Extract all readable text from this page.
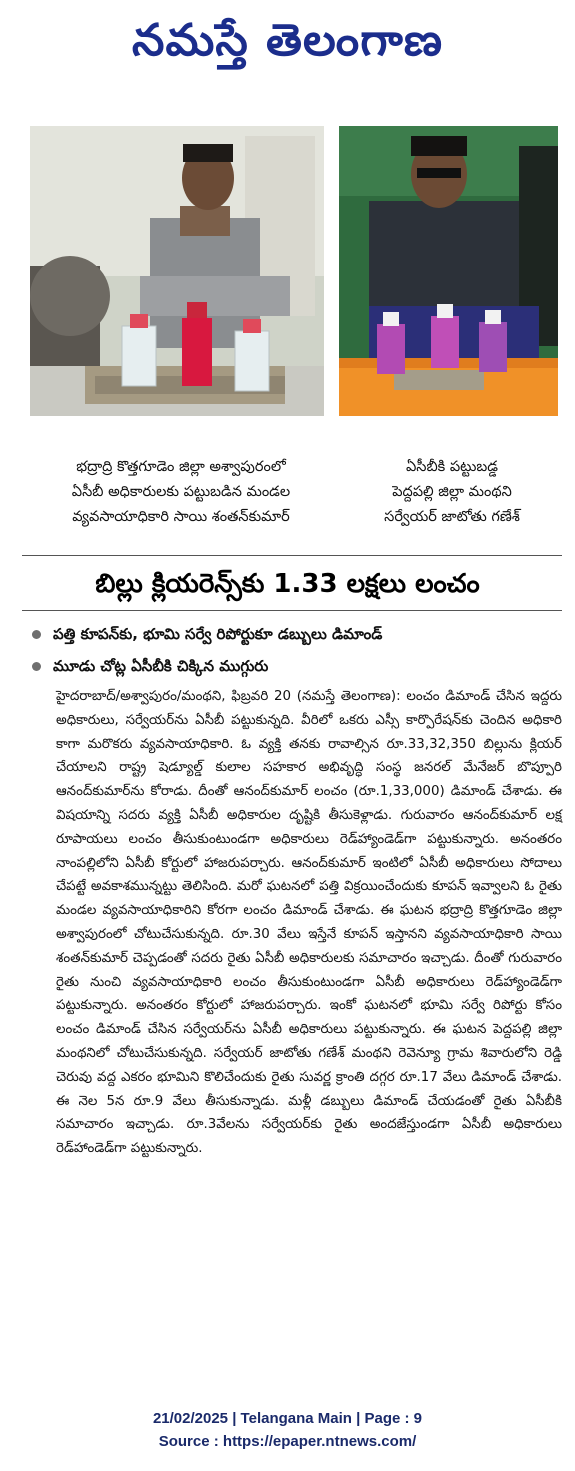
నమస్తే తెలంగాణ
భద్రాద్రి కొత్తగూడెం జిల్లా అశ్వాపురంలో
ఏసీబీ అధికారులకు పట్టుబడిన మండల
వ్యవసాయాధికారి సాయి శంతన్‌కుమార్
ఏసీబీకి పట్టుబడ్డ
పెద్దపల్లి జిల్లా మంథని
సర్వేయర్ జాటోతు గణేశ్
బిల్లు క్లియరెన్స్‌కు 1.33 లక్షలు లంచం
పత్తి కూపన్‌కు, భూమి సర్వే రిపోర్టుకూ డబ్బులు డిమాండ్
మూడు చోట్ల ఏసీబీకి చిక్కిన ముగ్గురు

హైదరాబాద్/అశ్వాపురం/మంథని, ఫిబ్రవరి 20 (నమస్తే తెలంగాణ): లంచం డిమాండ్ చేసిన ఇద్దరు అధికారులు, సర్వేయర్‌ను ఏసీబీ పట్టుకున్నది. వీరిలో ఒకరు ఎస్సీ కార్పొరేషన్‌కు చెందిన అధికారి కాగా మరొకరు వ్యవసాయాధికారి. ఓ వ్యక్తి తనకు రావాల్సిన రూ.33,32,350 బిల్లును క్లియర్ చేయాలని రాష్ట్ర షెడ్యూల్డ్ కులాల సహకార అభివృద్ధి సంస్థ జనరల్ మేనేజర్ బొప్పూరి ఆనంద్‌కుమార్‌ను కోరాడు. దీంతో ఆనంద్‌కుమార్ లంచం (రూ.1,33,000) డిమాండ్ చేశాడు. ఈ విషయాన్ని సదరు వ్యక్తి ఏసీబీ అధికారుల దృష్టికి తీసుకెళ్లాడు. గురువారం ఆనంద్‌కుమార్ లక్ష రూపాయలు లంచం తీసుకుంటుండగా అధికారులు రెడ్‌హ్యాండెడ్‌గా పట్టుకున్నారు. అనంతరం నాంపల్లిలోని ఏసీబీ కోర్టులో హాజరుపర్చారు. ఆనంద్‌కుమార్ ఇంటిలో ఏసీబీ అధికారులు సోదాలు చేపట్టే అవకాశమున్నట్టు తెలిసింది. మరో ఘటనలో పత్తి విక్రయించేందుకు కూపన్ ఇవ్వాలని ఓ రైతు మండల వ్యవసాయాధికారిని కోరగా లంచం డిమాండ్ చేశాడు. ఈ ఘటన భద్రాద్రి కొత్తగూడెం జిల్లా అశ్వాపురంలో చోటుచేసుకున్నది. రూ.30 వేలు ఇస్తేనే కూపన్ ఇస్తానని వ్యవసాయాధికారి సాయి శంతన్‌కుమార్ చెప్పడంతో సదరు రైతు ఏసీబీ అధికారులకు సమాచారం ఇచ్చాడు. దీంతో గురువారం రైతు నుంచి వ్యవసాయాధికారి లంచం తీసుకుంటుండగా ఏసీబీ అధికారులు రెడ్‌హ్యాండెడ్‌గా పట్టుకున్నారు. అనంతరం కోర్టులో హాజరుపర్చారు. ఇంకో ఘటనలో భూమి సర్వే రిపోర్టు కోసం లంచం డిమాండ్ చేసిన సర్వేయర్‌ను ఏసీబీ అధికారులు పట్టుకున్నారు. ఈ ఘటన పెద్దపల్లి జిల్లా మంథనిలో చోటుచేసుకున్నది. సర్వేయర్ జాటోతు గణేశ్ మంథని రెవెన్యూ గ్రామ శివారులోని రెడ్డి చెరువు వద్ద ఎకరం భూమిని కొలిచేందుకు రైతు సువర్ణ క్రాంతి దగ్గర రూ.17 వేలు డిమాండ్ చేశాడు. ఈ నెల 5న రూ.9 వేలు తీసుకున్నాడు. మళ్లీ డబ్బులు డిమాండ్ చేయడంతో రైతు ఏసీబీకి సమాచారం ఇచ్చాడు. రూ.3వేలను సర్వేయర్‌కు రైతు అందజేస్తుండగా ఏసీబీ అధికారులు రెడ్‌హాండెడ్‌గా పట్టుకున్నారు.

21/02/2025 | Telangana Main | Page : 9
Source : https://epaper.ntnews.com/
